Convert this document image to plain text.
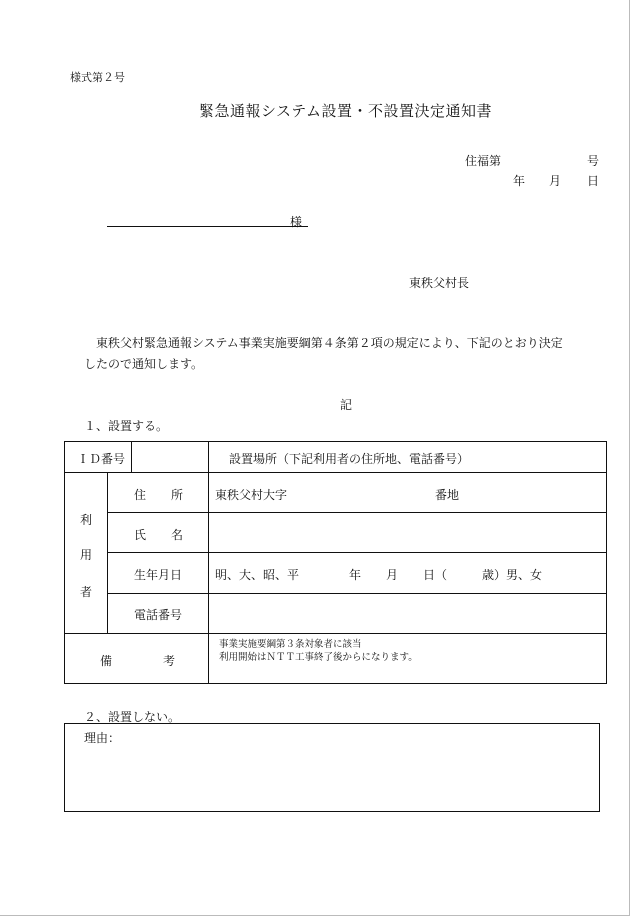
様式第２号
緊急通報システム設置・不設置決定通知書
住福第	号
年 月 日
様
東秩父村長
東秩父村緊急通報システム事業実施要綱第４条第２項の規定により、下記のとおり決定
したので通知します。
記
１、設置する。
ＩＤ番号	設置場所（下記利用者の住所地、電話番号）
利
用
者
住 所	東秩父村大字	番地
氏 名
生年月日	明、大、昭、平	年 月 日（	歳）男、女
電話番号
備	考
事業実施要綱第３条対象者に該当
利用開始はＮＴＴ工事終了後からになります。
２、設置しない。
理由：
